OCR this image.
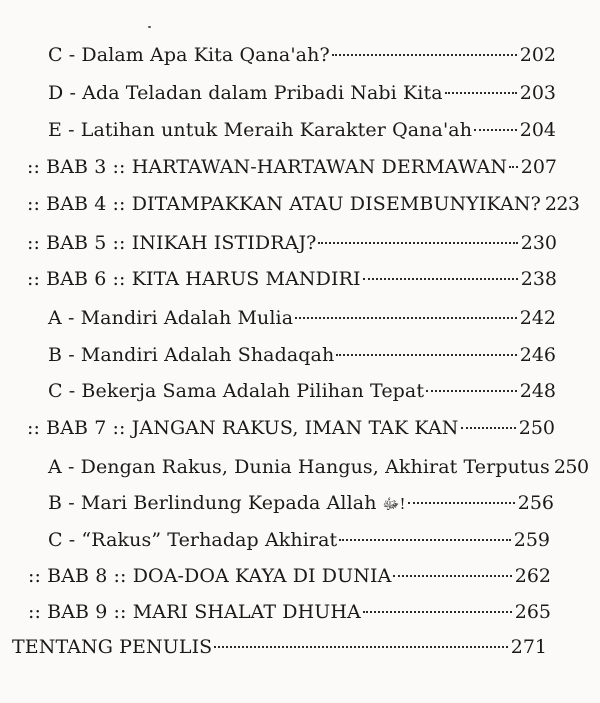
C - Dalam Apa Kita Qana'ah?	202
D - Ada Teladan dalam Pribadi Nabi Kita	203
E - Latihan untuk Meraih Karakter Qana'ah	204
:: BAB 3 :: HARTAWAN-HARTAWAN DERMAWAN 207
:: BAB 4 :: DITAMPAKKAN ATAU DISEMBUNYIKAN? 223
:: BAB 5 :: INIKAH ISTIDRAJ?	230
:: BAB 6 :: KITA HARUS MANDIRI	238
A - Mandiri Adalah Mulia	242
B - Mandiri Adalah Shadaqah	246
C - Bekerja Sama Adalah Pilihan Tepat	248
:: BAB 7 :: JANGAN RAKUS, IMAN TAK KAN	250
A - Dengan Rakus, Dunia Hangus, Akhirat Terputus 250
B - Mari Berlindung Kepada Allah ﷻ!	256
C - “Rakus” Terhadap Akhirat	259
:: BAB 8 :: DOA-DOA KAYA DI DUNIA	262
:: BAB 9 :: MARI SHALAT DHUHA	265
TENTANG PENULIS	271
